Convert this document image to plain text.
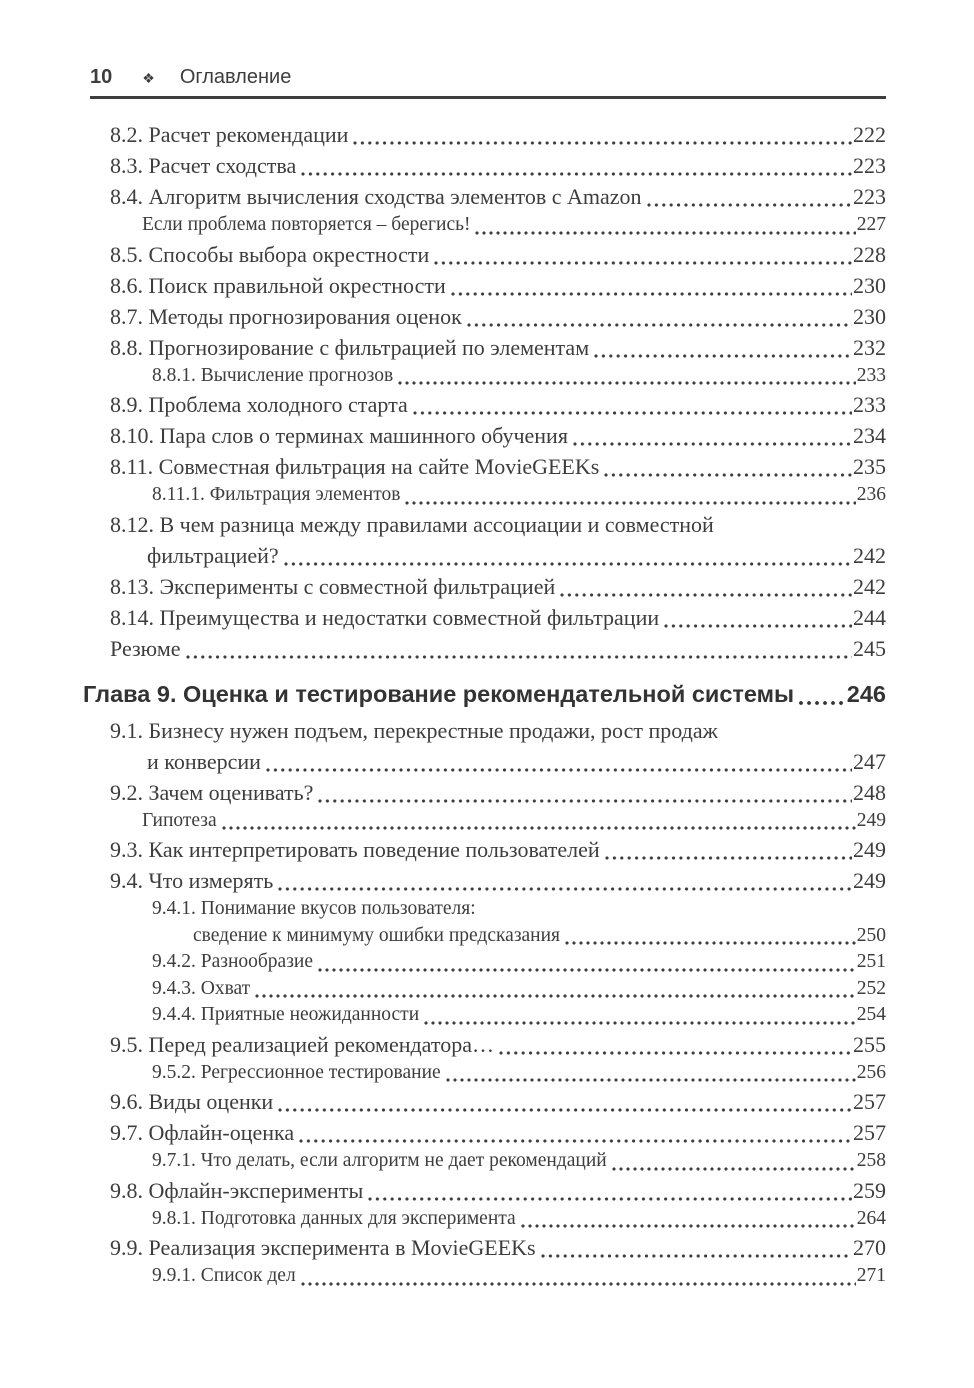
10 ❖ Оглавление
8.2. Расчет рекомендации	222
8.3. Расчет сходства	223
8.4. Алгоритм вычисления сходства элементов с Amazon	223
Если проблема повторяется – берегись!	227
8.5. Способы выбора окрестности	228
8.6. Поиск правильной окрестности	230
8.7. Методы прогнозирования оценок	230
8.8. Прогнозирование с фильтрацией по элементам	232
8.8.1. Вычисление прогнозов	233
8.9. Проблема холодного старта	233
8.10. Пара слов о терминах машинного обучения	234
8.11. Совместная фильтрация на сайте MovieGEEKs	235
8.11.1. Фильтрация элементов	236
8.12. В чем разница между правилами ассоциации и совместной
фильтрацией?	242
8.13. Эксперименты с совместной фильтрацией	242
8.14. Преимущества и недостатки совместной фильтрации	244
Резюме	245
Глава 9. Оценка и тестирование рекомендательной системы 246
9.1. Бизнесу нужен подъем, перекрестные продажи, рост продаж
и конверсии	247
9.2. Зачем оценивать?	248
Гипотеза	249
9.3. Как интерпретировать поведение пользователей	249
9.4. Что измерять	249
9.4.1. Понимание вкусов пользователя:
сведение к минимуму ошибки предсказания	250
9.4.2. Разнообразие	251
9.4.3. Охват	252
9.4.4. Приятные неожиданности	254
9.5. Перед реализацией рекомендатора…	255
9.5.2. Регрессионное тестирование	256
9.6. Виды оценки	257
9.7. Офлайн-оценка	257
9.7.1. Что делать, если алгоритм не дает рекомендаций	258
9.8. Офлайн-эксперименты	259
9.8.1. Подготовка данных для эксперимента	264
9.9. Реализация эксперимента в MovieGEEKs	270
9.9.1. Список дел	271
